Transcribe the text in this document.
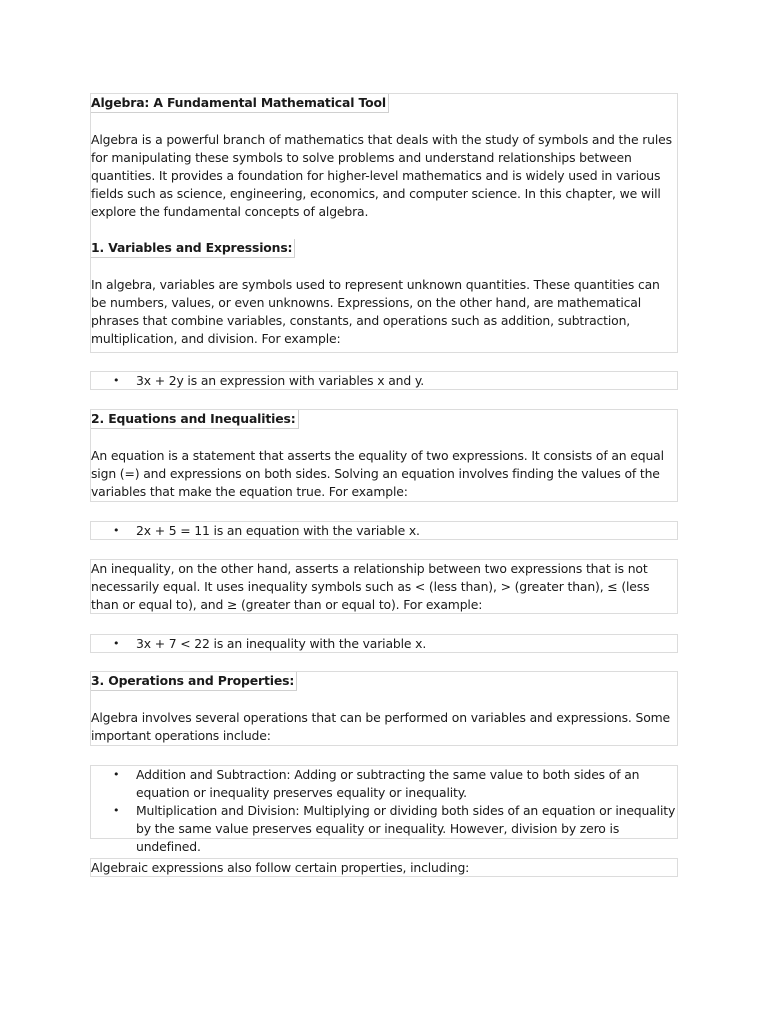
Algebra: A Fundamental Mathematical Tool

Algebra is a powerful branch of mathematics that deals with the study of symbols and the rules for manipulating these symbols to solve problems and understand relationships between quantities. It provides a foundation for higher-level mathematics and is widely used in various fields such as science, engineering, economics, and computer science. In this chapter, we will explore the fundamental concepts of algebra.

1. Variables and Expressions:

In algebra, variables are symbols used to represent unknown quantities. These quantities can be numbers, values, or even unknowns. Expressions, on the other hand, are mathematical phrases that combine variables, constants, and operations such as addition, subtraction, multiplication, and division. For example:

• 3x + 2y is an expression with variables x and y.
2. Equations and Inequalities:

An equation is a statement that asserts the equality of two expressions. It consists of an equal sign (=) and expressions on both sides. Solving an equation involves finding the values of the variables that make the equation true. For example:

• 2x + 5 = 11 is an equation with the variable x.

An inequality, on the other hand, asserts a relationship between two expressions that is not necessarily equal. It uses inequality symbols such as < (less than), > (greater than), ≤ (less than or equal to), and ≥ (greater than or equal to). For example:

• 3x + 7 < 22 is an inequality with the variable x.
3. Operations and Properties:

Algebra involves several operations that can be performed on variables and expressions. Some important operations include:

• Addition and Subtraction: Adding or subtracting the same value to both sides of an equation or inequality preserves equality or inequality.
• Multiplication and Division: Multiplying or dividing both sides of an equation or inequality by the same value preserves equality or inequality. However, division by zero is undefined.

Algebraic expressions also follow certain properties, including:
